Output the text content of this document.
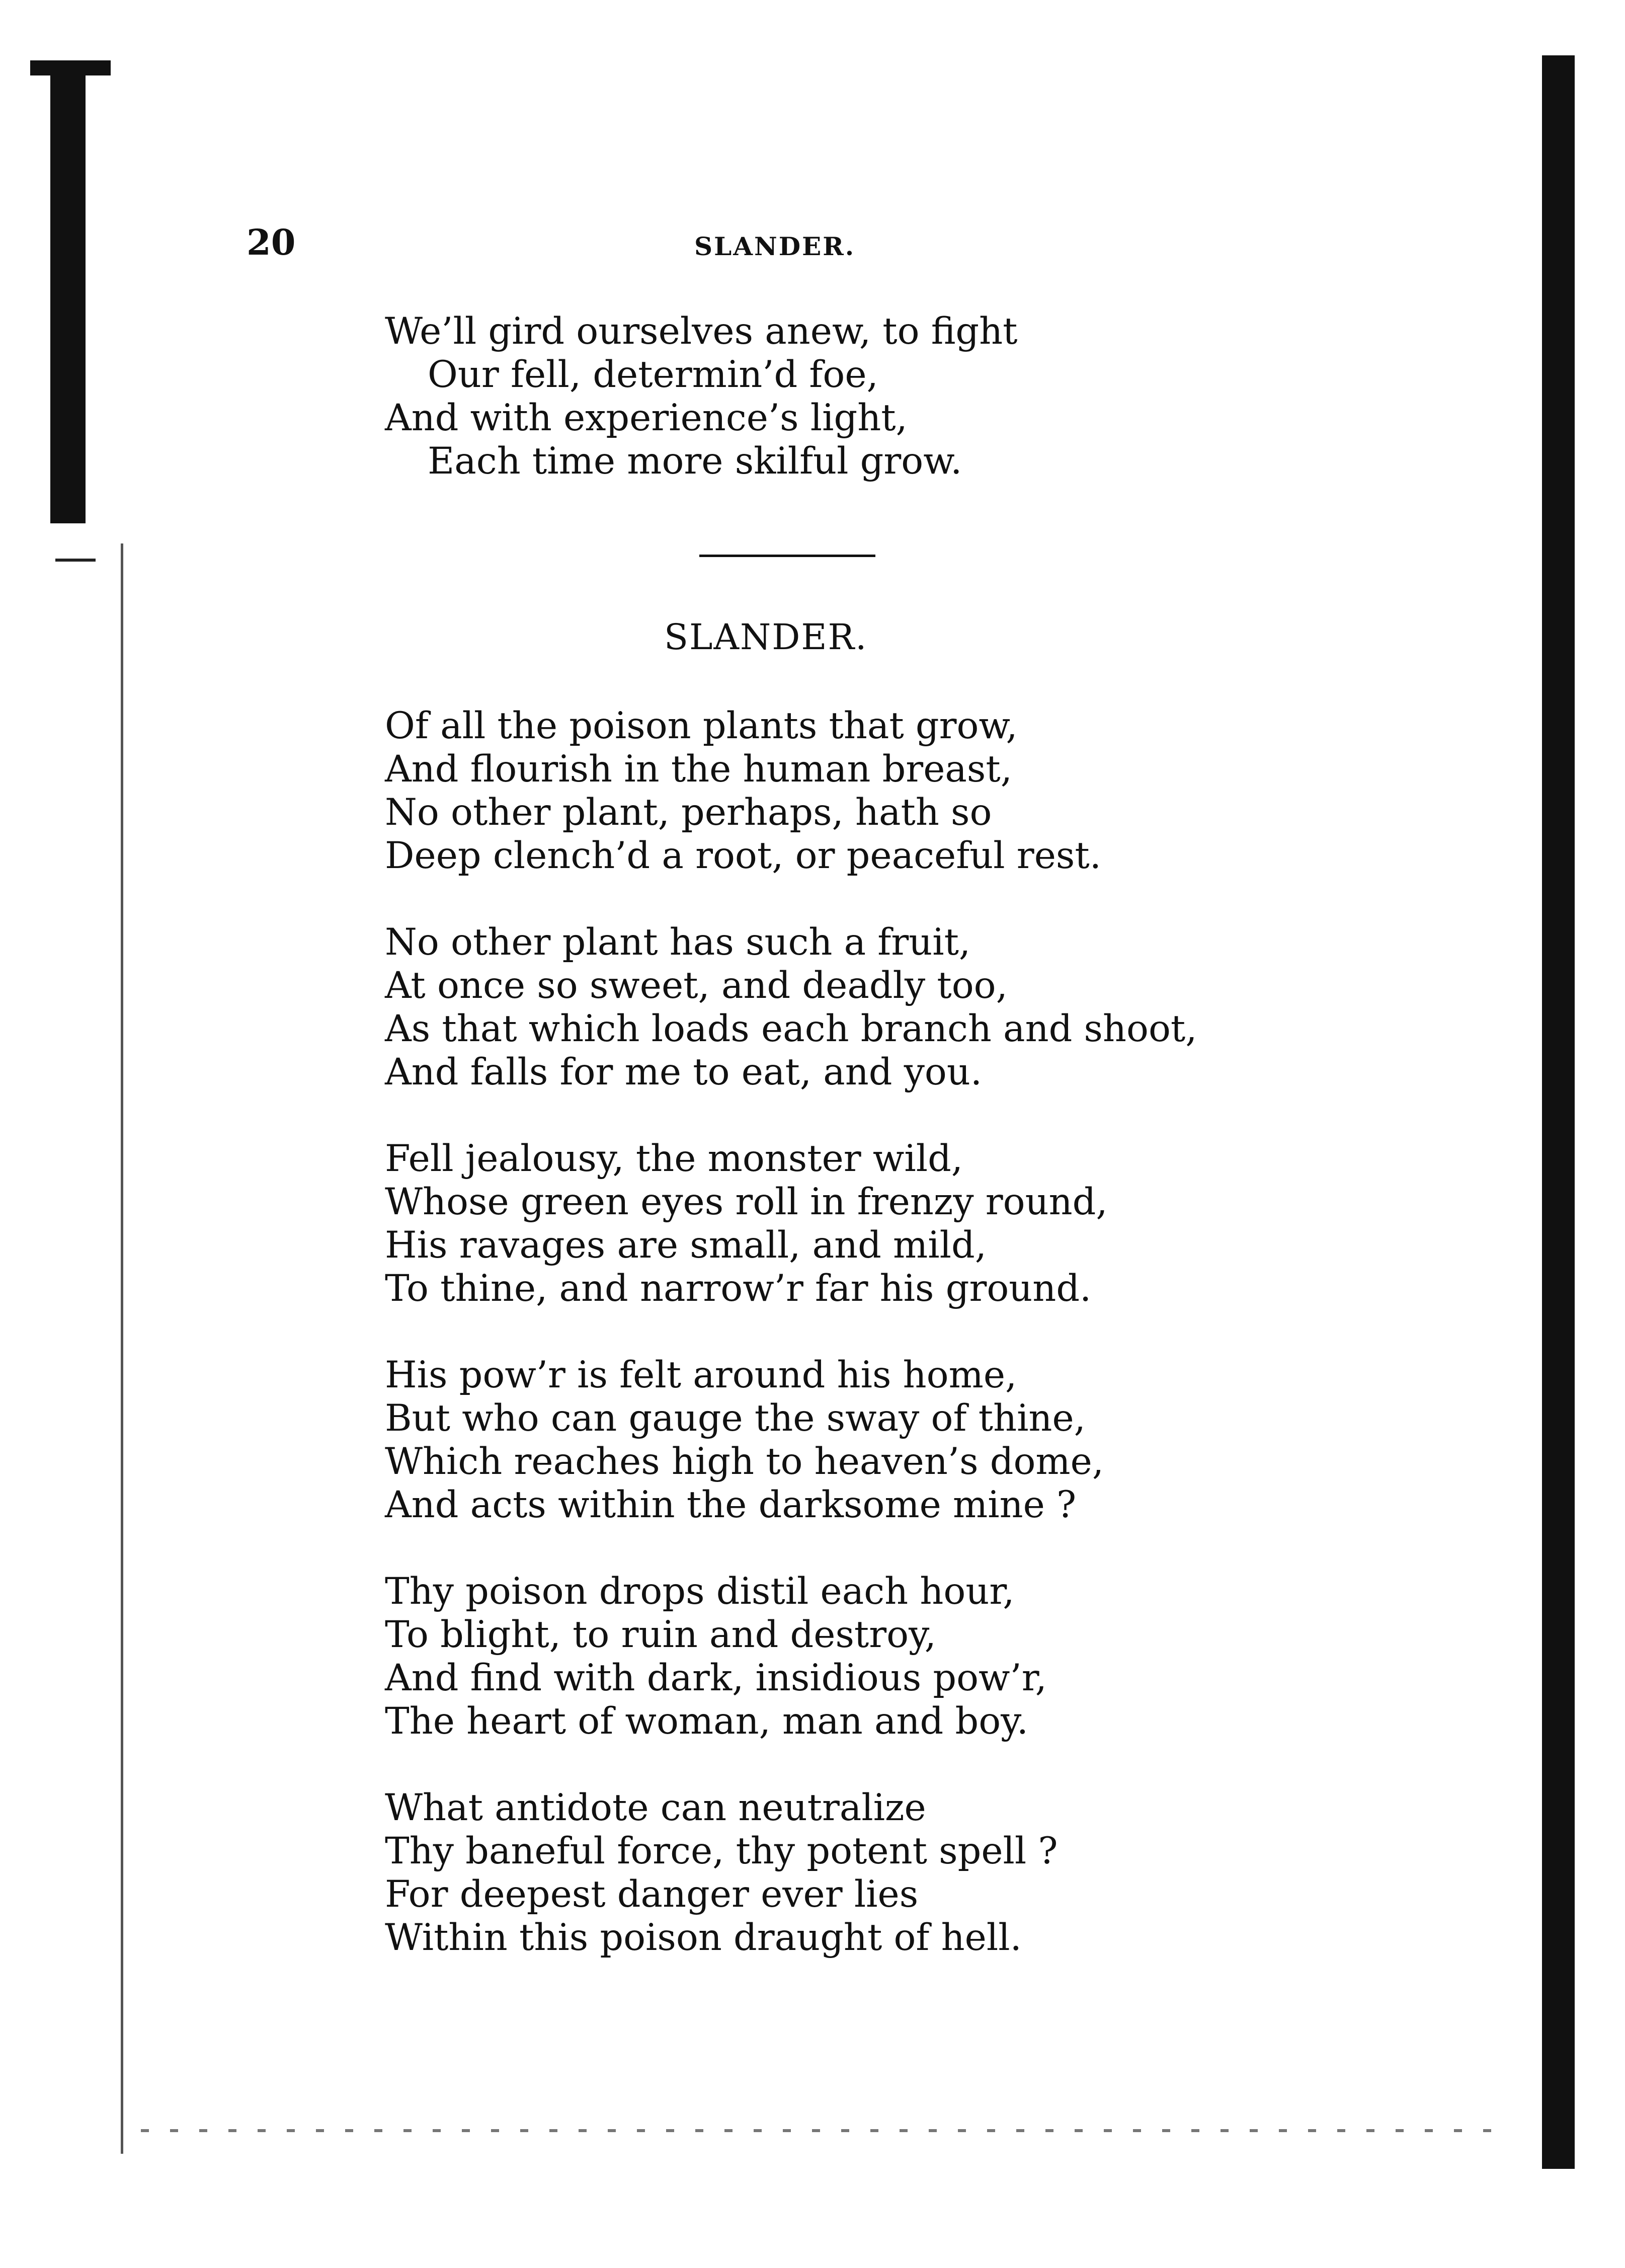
20	SLANDER.
We’ll gird ourselves anew, to fight
Our fell, determin’d foe,
And with experience’s light,
Each time more skilful grow.
SLANDER.
Of all the poison plants that grow,
And flourish in the human breast,
No other plant, perhaps, hath so
Deep clench’d a root, or peaceful rest.
No other plant has such a fruit,
At once so sweet, and deadly too,
As that which loads each branch and shoot,
And falls for me to eat, and you.
Fell jealousy, the monster wild,
Whose green eyes roll in frenzy round,
His ravages are small, and mild,
To thine, and narrow’r far his ground.
His pow’r is felt around his home,
But who can gauge the sway of thine,
Which reaches high to heaven’s dome,
And acts within the darksome mine ?
Thy poison drops distil each hour,
To blight, to ruin and destroy,
And find with dark, insidious pow’r,
The heart of woman, man and boy.
What antidote can neutralize
Thy baneful force, thy potent spell ?
For deepest danger ever lies
Within this poison draught of hell.
